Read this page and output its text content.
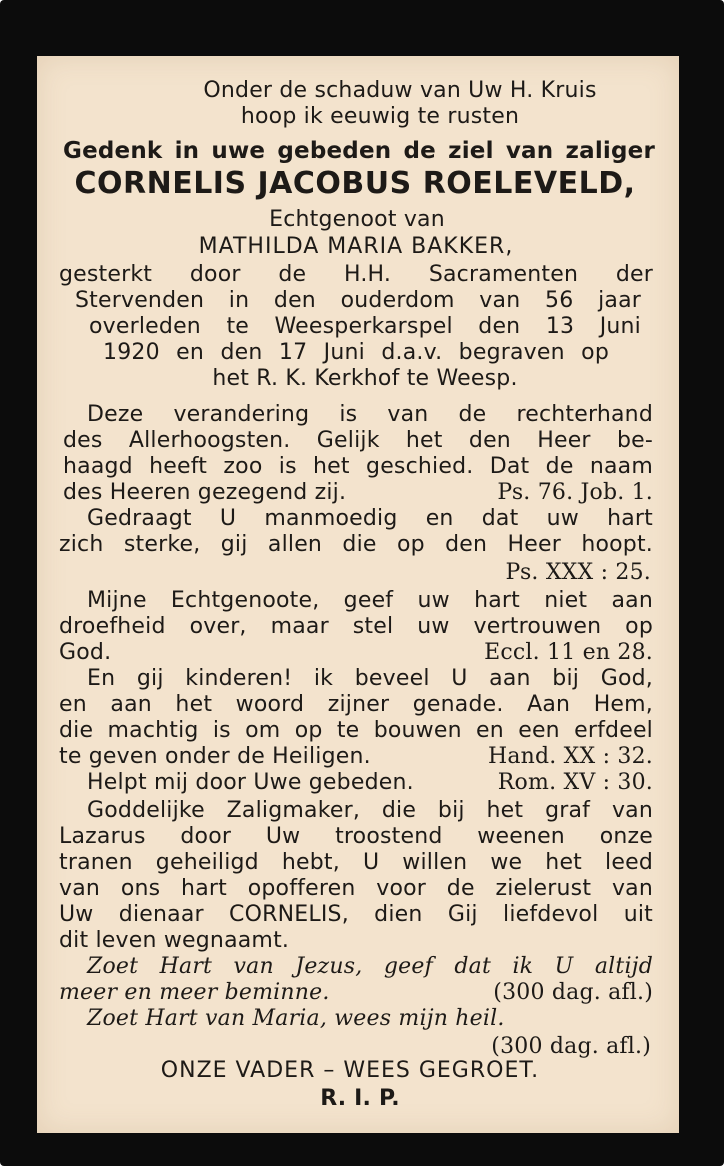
Onder de schaduw van Uw H. Kruis
hoop ik eeuwig te rusten
Gedenk in uwe gebeden de ziel van zaliger
CORNELIS JACOBUS ROELEVELD,
Echtgenoot van
MATHILDA MARIA BAKKER,
gesterkt door de H.H. Sacramenten der
Stervenden in den ouderdom van 56 jaar
overleden te Weesperkarspel den 13 Juni
1920 en den 17 Juni d.a.v. begraven op
het R. K. Kerkhof te Weesp.
Deze verandering is van de rechterhand
des Allerhoogsten. Gelijk het den Heer be-
haagd heeft zoo is het geschied. Dat de naam
des Heeren gezegend zij.	Ps. 76. Job. 1.
Gedraagt U manmoedig en dat uw hart
zich sterke, gij allen die op den Heer hoopt.
Ps. XXX : 25.
Mijne Echtgenoote, geef uw hart niet aan
droefheid over, maar stel uw vertrouwen op
God.	Eccl. 11 en 28.
En gij kinderen! ik beveel U aan bij God,
en aan het woord zijner genade. Aan Hem,
die machtig is om op te bouwen en een erfdeel
te geven onder de Heiligen.	Hand. XX : 32.
Helpt mij door Uwe gebeden.	Rom. XV : 30.
Goddelijke Zaligmaker, die bij het graf van
Lazarus door Uw troostend weenen onze
tranen geheiligd hebt, U willen we het leed
van ons hart opofferen voor de zielerust van
Uw dienaar CORNELIS, dien Gij liefdevol uit
dit leven wegnaamt.
Zoet Hart van Jezus, geef dat ik U altijd
meer en meer beminne.	(300 dag. afl.)
Zoet Hart van Maria, wees mijn heil.
(300 dag. afl.)
ONZE VADER – WEES GEGROET.
R. I. P.
